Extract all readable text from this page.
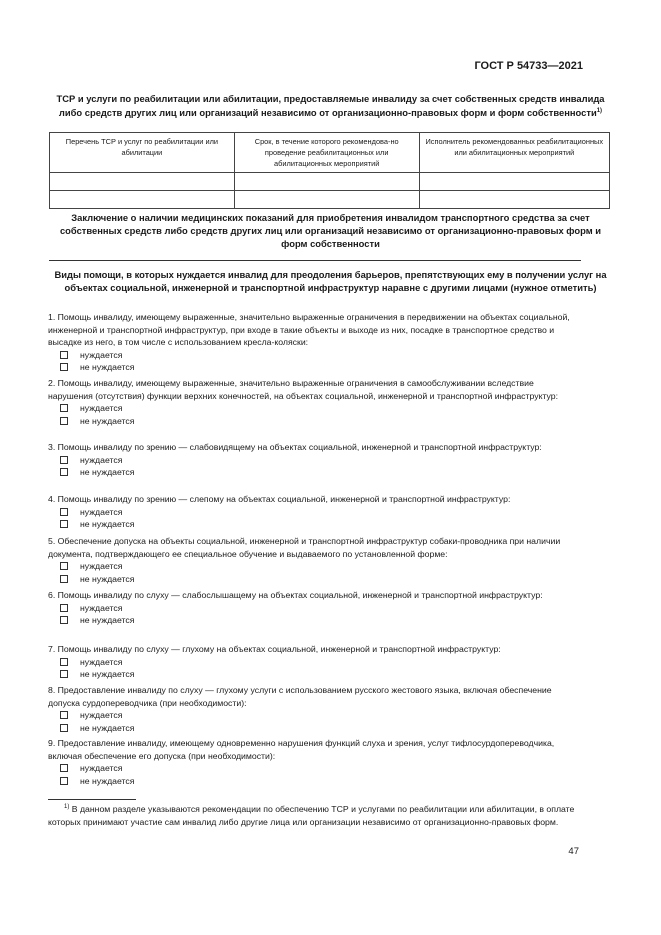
ГОСТ Р 54733—2021
ТСР и услуги по реабилитации или абилитации, предоставляемые инвалиду за счет собственных средств инвалида либо средств других лиц или организаций независимо от организационно-правовых форм и форм собственности$^{1)}$
Перечень ТСР и услуг по реабилитации или абилитации	Срок, в течение которого рекомендова-но проведение реабилитационных или абилитационных мероприятий	Исполнитель рекомендованных реабилитационных или абилитационных мероприятий

Заключение о наличии медицинских показаний для приобретения инвалидом транспортного средства за счет собственных средств либо средств других лиц или организаций независимо от организационно-правовых форм и форм собственности
Виды помощи, в которых нуждается инвалид для преодоления барьеров, препятствующих ему в получении услуг на объектах социальной, инженерной и транспортной инфраструктур наравне с другими лицами (нужное отметить)
1. Помощь инвалиду, имеющему выраженные, значительно выраженные ограничения в передвижении на объектах социальной, инженерной и транспортной инфраструктур, при входе в такие объекты и выходе из них, посадке в транспортное средство и высадке из него, в том числе с использованием кресла-коляски:
нуждается
не нуждается
2. Помощь инвалиду, имеющему выраженные, значительно выраженные ограничения в самообслуживании вследствие нарушения (отсутствия) функции верхних конечностей, на объектах социальной, инженерной и транспортной инфраструктур:
нуждается
не нуждается
3. Помощь инвалиду по зрению — слабовидящему на объектах социальной, инженерной и транспортной инфраструктур:
нуждается
не нуждается
4. Помощь инвалиду по зрению — слепому на объектах социальной, инженерной и транспортной инфраструктур:
нуждается
не нуждается
5. Обеспечение допуска на объекты социальной, инженерной и транспортной инфраструктур собаки-проводника при наличии документа, подтверждающего ее специальное обучение и выдаваемого по установленной форме:
нуждается
не нуждается
6. Помощь инвалиду по слуху — слабослышащему на объектах социальной, инженерной и транспортной инфраструктур:
нуждается
не нуждается
7. Помощь инвалиду по слуху — глухому на объектах социальной, инженерной и транспортной инфраструктур:
нуждается
не нуждается
8. Предоставление инвалиду по слуху — глухому услуги с использованием русского жестового языка, включая обеспечение допуска сурдопереводчика (при необходимости):
нуждается
не нуждается
9. Предоставление инвалиду, имеющему одновременно нарушения функций слуха и зрения, услуг тифлосурдопереводчика, включая обеспечение его допуска (при необходимости):
нуждается
не нуждается
$^{1)}$ В данном разделе указываются рекомендации по обеспечению ТСР и услугами по реабилитации или абилитации, в оплате которых принимают участие сам инвалид либо другие лица или организации независимо от организационно-правовых форм.
47
